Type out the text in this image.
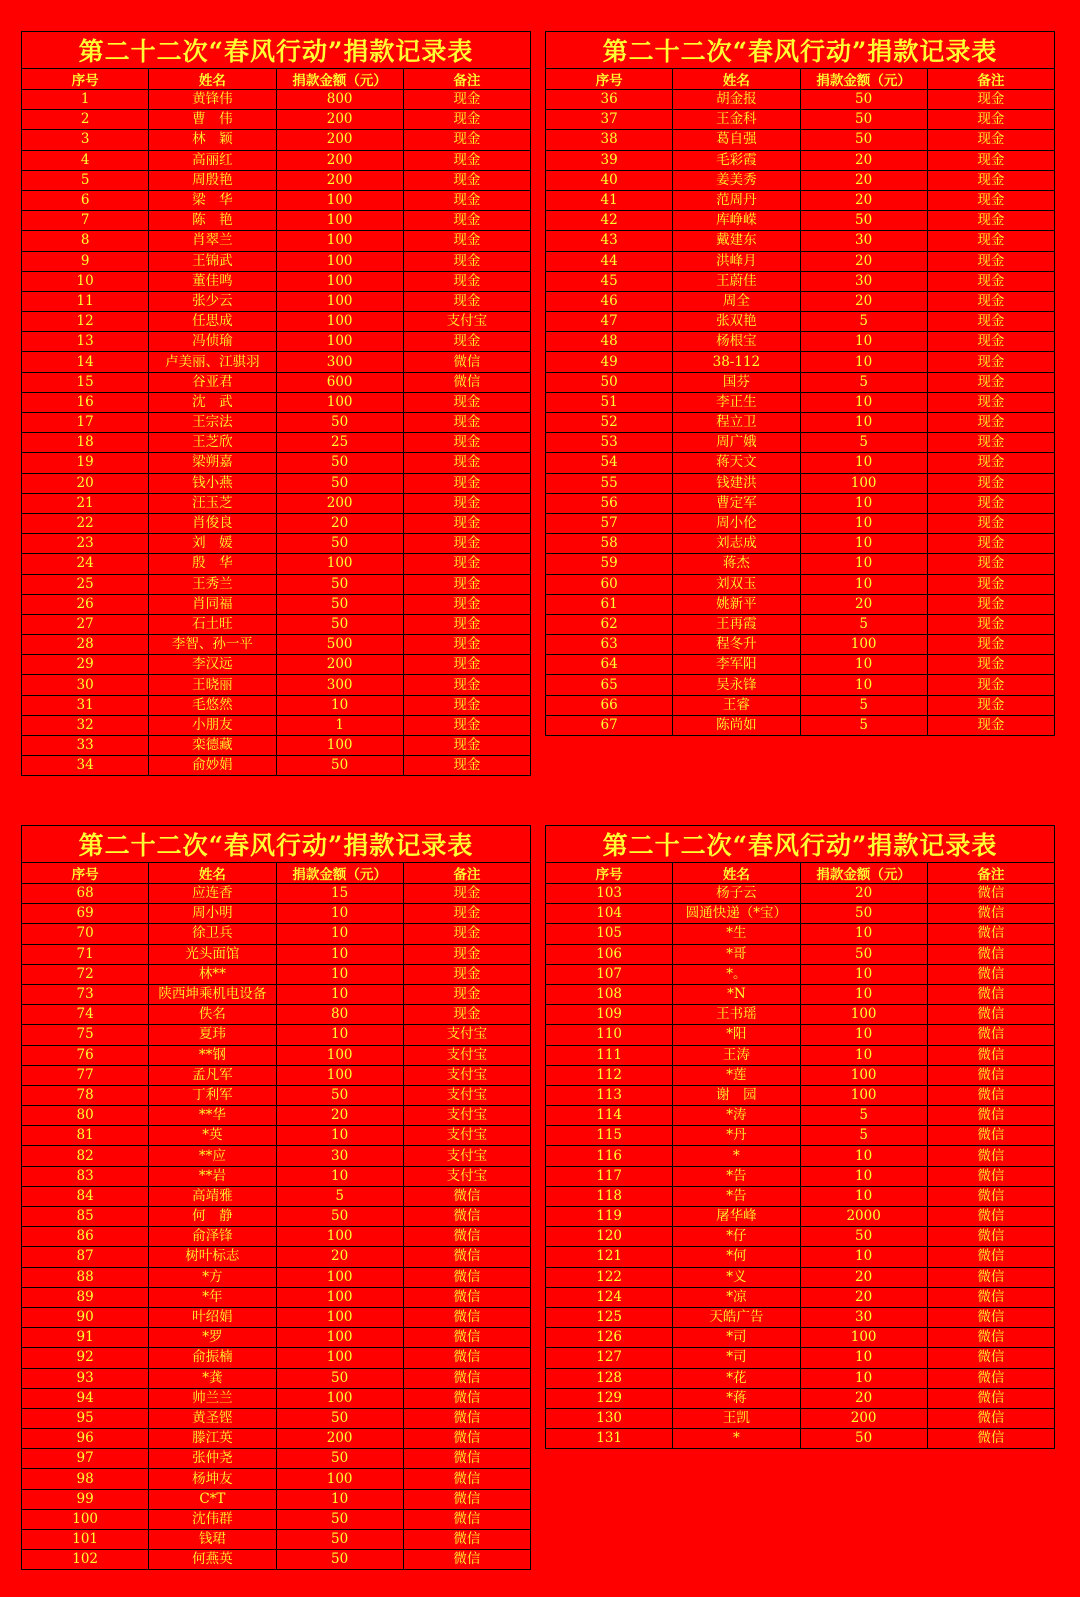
第二十二次“春风行动”捐款记录表			
序号	姓名	捐款金额（元）	备注
1	黄锋伟	800	现金
2	曹　伟	200	现金
3	林　颖	200	现金
4	高丽红	200	现金
5	周殷艳	200	现金
6	梁　华	100	现金
7	陈　艳	100	现金
8	肖翠兰	100	现金
9	王锦武	100	现金
10	董佳鸣	100	现金
11	张少云	100	现金
12	任思成	100	支付宝
13	冯侦瑜	100	现金
14	卢美丽、江骐羽	300	微信
15	谷亚君	600	微信
16	沈　武	100	现金
17	王宗法	50	现金
18	王芝欣	25	现金
19	梁朔嘉	50	现金
20	钱小燕	50	现金
21	汪玉芝	200	现金
22	肖俊良	20	现金
23	刘　媛	50	现金
24	殷　华	100	现金
25	王秀兰	50	现金
26	肖同福	50	现金
27	石土旺	50	现金
28	李智、孙一平	500	现金
29	李汉远	200	现金
30	王晓丽	300	现金
31	毛悠然	10	现金
32	小朋友	1	现金
33	栾德藏	100	现金
34	俞妙娟	50	现金
第二十二次“春风行动”捐款记录表			
序号	姓名	捐款金额（元）	备注
36	胡金报	50	现金
37	王金科	50	现金
38	葛自强	50	现金
39	毛彩霞	20	现金
40	姜美秀	20	现金
41	范周丹	20	现金
42	库峥嵘	50	现金
43	戴建东	30	现金
44	洪峰月	20	现金
45	王蔚佳	30	现金
46	周全	20	现金
47	张双艳	5	现金
48	杨根宝	10	现金
49	38-112	10	现金
50	国芬	5	现金
51	李正生	10	现金
52	程立卫	10	现金
53	周广娥	5	现金
54	蒋天文	10	现金
55	钱建洪	100	现金
56	曹定军	10	现金
57	周小伦	10	现金
58	刘志成	10	现金
59	蒋杰	10	现金
60	刘双玉	10	现金
61	姚新平	20	现金
62	王再霞	5	现金
63	程冬升	100	现金
64	李军阳	10	现金
65	吴永锋	10	现金
66	王睿	5	现金
67	陈尚如	5	现金
第二十二次“春风行动”捐款记录表			
序号	姓名	捐款金额（元）	备注
68	应连香	15	现金
69	周小明	10	现金
70	徐卫兵	10	现金
71	光头面馆	10	现金
72	林**	10	现金
73	陕西坤乘机电设备	10	现金
74	佚名	80	现金
75	夏玮	10	支付宝
76	**钢	100	支付宝
77	孟凡军	100	支付宝
78	丁利军	50	支付宝
80	**华	20	支付宝
81	*英	10	支付宝
82	**应	30	支付宝
83	**岩	10	支付宝
84	高靖雅	5	微信
85	何　静	50	微信
86	俞泽锋	100	微信
87	树叶标志	20	微信
88	*方	100	微信
89	*年	100	微信
90	叶绍娟	100	微信
91	*罗	100	微信
92	俞振楠	100	微信
93	*龚	50	微信
94	帅兰兰	100	微信
95	黄圣铿	50	微信
96	滕江英	200	微信
97	张仲尧	50	微信
98	杨坤友	100	微信
99	C*T	10	微信
100	沈伟群	50	微信
101	钱珺	50	微信
102	何燕英	50	微信
第二十二次“春风行动”捐款记录表			
序号	姓名	捐款金额（元）	备注
103	杨子云	20	微信
104	圆通快递（*宝）	50	微信
105	*生	10	微信
106	*哥	50	微信
107	*。	10	微信
108	*N	10	微信
109	王书瑶	100	微信
110	*阳	10	微信
111	王涛	10	微信
112	*莲	100	微信
113	谢　园	100	微信
114	*涛	5	微信
115	*丹	5	微信
116	*	10	微信
117	*告	10	微信
118	*告	10	微信
119	屠华峰	2000	微信
120	*仔	50	微信
121	*何	10	微信
122	*义	20	微信
124	*凉	20	微信
125	天皓广告	30	微信
126	*司	100	微信
127	*司	10	微信
128	*花	10	微信
129	*蒋	20	微信
130	王凯	200	微信
131	*	50	微信
